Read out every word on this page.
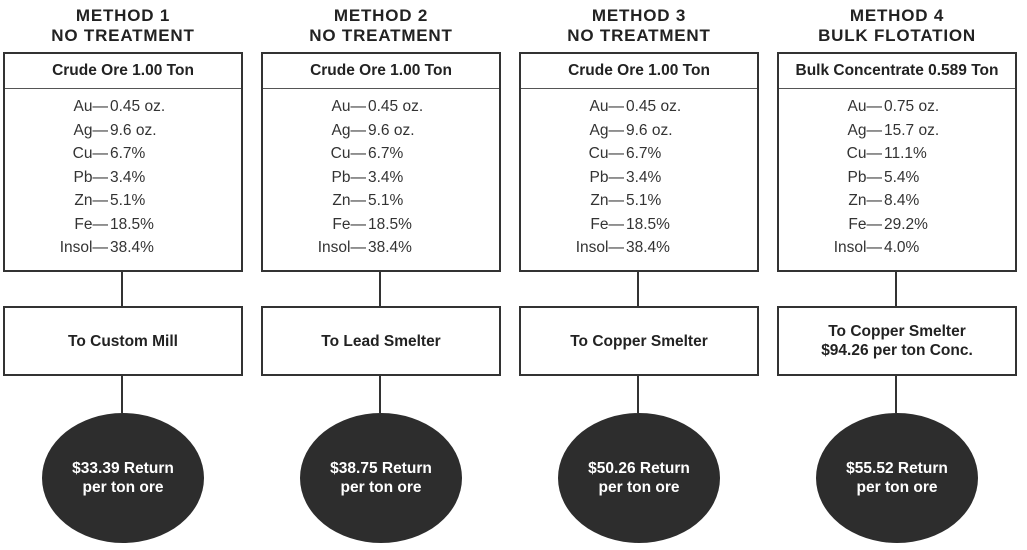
METHOD 1
NO TREATMENT
Crude Ore 1.00 Ton
Au— 0.45 oz.
Ag— 9.6 oz.
Cu— 6.7%
Pb— 3.4%
Zn— 5.1%
Fe— 18.5%
Insol— 38.4%
To Custom Mill
$33.39 Return
per ton ore
METHOD 2
NO TREATMENT
Crude Ore 1.00 Ton
Au— 0.45 oz.
Ag— 9.6 oz.
Cu— 6.7%
Pb— 3.4%
Zn— 5.1%
Fe— 18.5%
Insol— 38.4%
To Lead Smelter
$38.75 Return
per ton ore
METHOD 3
NO TREATMENT
Crude Ore 1.00 Ton
Au— 0.45 oz.
Ag— 9.6 oz.
Cu— 6.7%
Pb— 3.4%
Zn— 5.1%
Fe— 18.5%
Insol— 38.4%
To Copper Smelter
$50.26 Return
per ton ore
METHOD 4
BULK FLOTATION
Bulk Concentrate 0.589 Ton
Au— 0.75 oz.
Ag— 15.7 oz.
Cu— 11.1%
Pb— 5.4%
Zn— 8.4%
Fe— 29.2%
Insol— 4.0%
To Copper Smelter
$94.26 per ton Conc.
$55.52 Return
per ton ore
